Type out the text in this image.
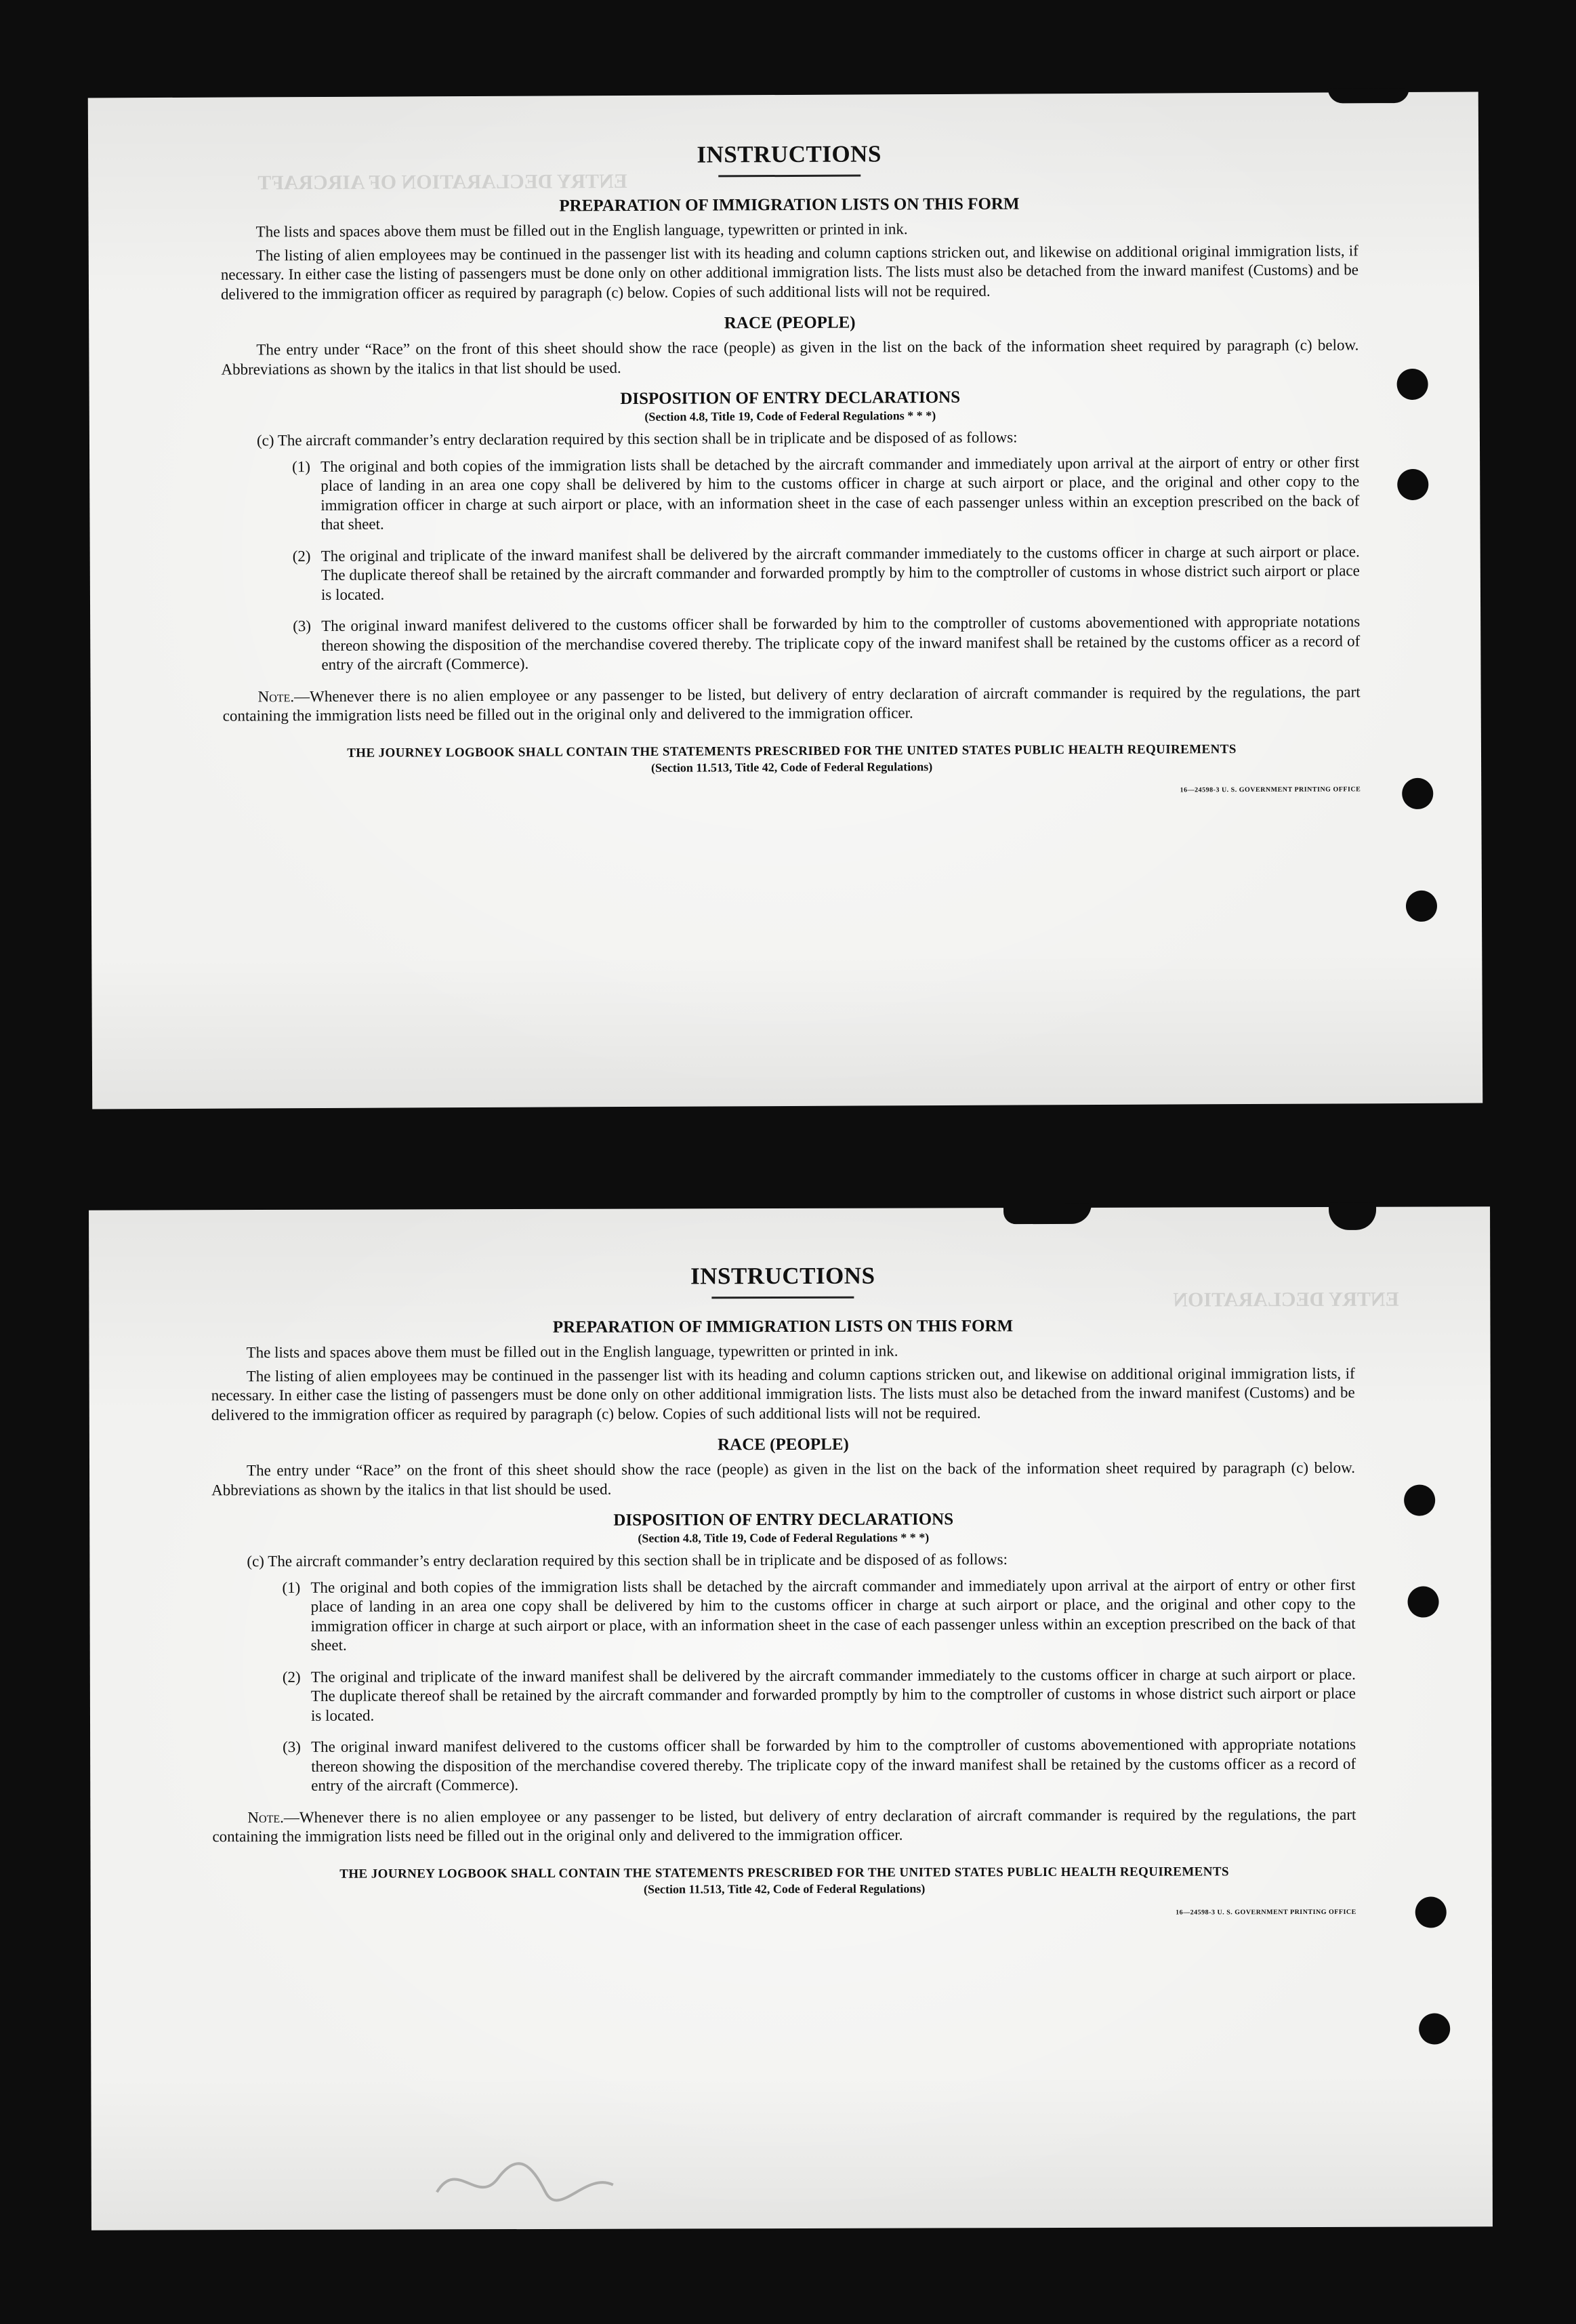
ENTRY DECLARATION OF AIRCRAFT
INSTRUCTIONS
PREPARATION OF IMMIGRATION LISTS ON THIS FORM

The lists and spaces above them must be filled out in the English language, typewritten or printed in ink.

The listing of alien employees may be continued in the passenger list with its heading and column captions stricken out, and likewise on additional original immigration lists, if necessary. In either case the listing of passengers must be done only on other additional immigration lists. The lists must also be detached from the inward manifest (Customs) and be delivered to the immigration officer as required by paragraph (c) below. Copies of such additional lists will not be required.

RACE (PEOPLE)

The entry under “Race” on the front of this sheet should show the race (people) as given in the list on the back of the information sheet required by paragraph (c) below. Abbreviations as shown by the italics in that list should be used.

DISPOSITION OF ENTRY DECLARATIONS
(Section 4.8, Title 19, Code of Federal Regulations * * *)

(c) The aircraft commander’s entry declaration required by this section shall be in triplicate and be disposed of as follows:

(1) The original and both copies of the immigration lists shall be detached by the aircraft commander and immediately upon arrival at the airport of entry or other first place of landing in an area one copy shall be delivered by him to the customs officer in charge at such airport or place, and the original and other copy to the immigration officer in charge at such airport or place, with an information sheet in the case of each passenger unless within an exception prescribed on the back of that sheet.
(2) The original and triplicate of the inward manifest shall be delivered by the aircraft commander immediately to the customs officer in charge at such airport or place. The duplicate thereof shall be retained by the aircraft commander and forwarded promptly by him to the comptroller of customs in whose district such airport or place is located.
(3) The original inward manifest delivered to the customs officer shall be forwarded by him to the comptroller of customs abovementioned with appropriate notations thereon showing the disposition of the merchandise covered thereby. The triplicate copy of the inward manifest shall be retained by the customs officer as a record of entry of the aircraft (Commerce).

Note.—Whenever there is no alien employee or any passenger to be listed, but delivery of entry declaration of aircraft commander is required by the regulations, the part containing the immigration lists need be filled out in the original only and delivered to the immigration officer.

THE JOURNEY LOGBOOK SHALL CONTAIN THE STATEMENTS PRESCRIBED FOR THE UNITED STATES PUBLIC HEALTH REQUIREMENTS
(Section 11.513, Title 42, Code of Federal Regulations)
16—24598-3 U. S. GOVERNMENT PRINTING OFFICE
ENTRY DECLARATION
INSTRUCTIONS
PREPARATION OF IMMIGRATION LISTS ON THIS FORM

The lists and spaces above them must be filled out in the English language, typewritten or printed in ink.

The listing of alien employees may be continued in the passenger list with its heading and column captions stricken out, and likewise on additional original immigration lists, if necessary. In either case the listing of passengers must be done only on other additional immigration lists. The lists must also be detached from the inward manifest (Customs) and be delivered to the immigration officer as required by paragraph (c) below. Copies of such additional lists will not be required.

RACE (PEOPLE)

The entry under “Race” on the front of this sheet should show the race (people) as given in the list on the back of the information sheet required by paragraph (c) below. Abbreviations as shown by the italics in that list should be used.

DISPOSITION OF ENTRY DECLARATIONS
(Section 4.8, Title 19, Code of Federal Regulations * * *)

(c) The aircraft commander’s entry declaration required by this section shall be in triplicate and be disposed of as follows:

(1) The original and both copies of the immigration lists shall be detached by the aircraft commander and immediately upon arrival at the airport of entry or other first place of landing in an area one copy shall be delivered by him to the customs officer in charge at such airport or place, and the original and other copy to the immigration officer in charge at such airport or place, with an information sheet in the case of each passenger unless within an exception prescribed on the back of that sheet.
(2) The original and triplicate of the inward manifest shall be delivered by the aircraft commander immediately to the customs officer in charge at such airport or place. The duplicate thereof shall be retained by the aircraft commander and forwarded promptly by him to the comptroller of customs in whose district such airport or place is located.
(3) The original inward manifest delivered to the customs officer shall be forwarded by him to the comptroller of customs abovementioned with appropriate notations thereon showing the disposition of the merchandise covered thereby. The triplicate copy of the inward manifest shall be retained by the customs officer as a record of entry of the aircraft (Commerce).

Note.—Whenever there is no alien employee or any passenger to be listed, but delivery of entry declaration of aircraft commander is required by the regulations, the part containing the immigration lists need be filled out in the original only and delivered to the immigration officer.

THE JOURNEY LOGBOOK SHALL CONTAIN THE STATEMENTS PRESCRIBED FOR THE UNITED STATES PUBLIC HEALTH REQUIREMENTS
(Section 11.513, Title 42, Code of Federal Regulations)
16—24598-3 U. S. GOVERNMENT PRINTING OFFICE
